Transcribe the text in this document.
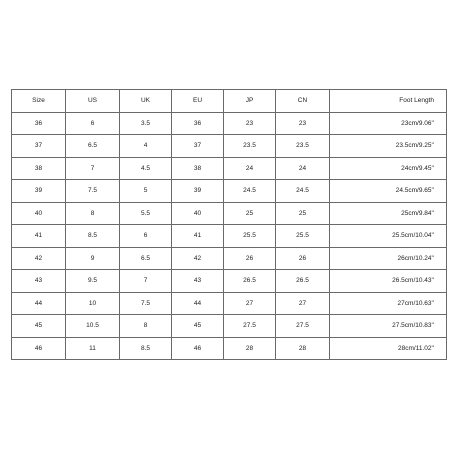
Size	US	UK	EU	JP	CN	Foot Length
36	6	3.5	36	23	23	23cm/9.06''
37	6.5	4	37	23.5	23.5	23.5cm/9.25''
38	7	4.5	38	24	24	24cm/9.45''
39	7.5	5	39	24.5	24.5	24.5cm/9.65''
40	8	5.5	40	25	25	25cm/9.84''
41	8.5	6	41	25.5	25.5	25.5cm/10.04''
42	9	6.5	42	26	26	26cm/10.24''
43	9.5	7	43	26.5	26.5	26.5cm/10.43''
44	10	7.5	44	27	27	27cm/10.63''
45	10.5	8	45	27.5	27.5	27.5cm/10.83''
46	11	8.5	46	28	28	28cm/11.02''
